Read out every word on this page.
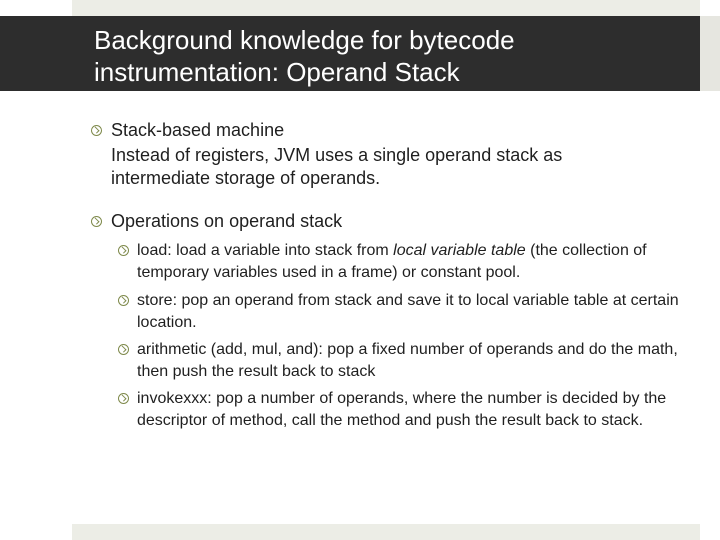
Background knowledge for bytecode instrumentation: Operand Stack
Stack-based machine
Instead of registers, JVM uses a single operand stack as intermediate storage of operands.
Operations on operand stack
load: load a variable into stack from local variable table (the collection of temporary variables used in a frame) or constant pool.
store: pop an operand from stack and save it to local variable table at certain location.
arithmetic (add, mul, and): pop a fixed number of operands and do the math, then push the result back to stack
invokexxx: pop a number of operands, where the number is decided by the descriptor of method, call the method and push the result back to stack.
